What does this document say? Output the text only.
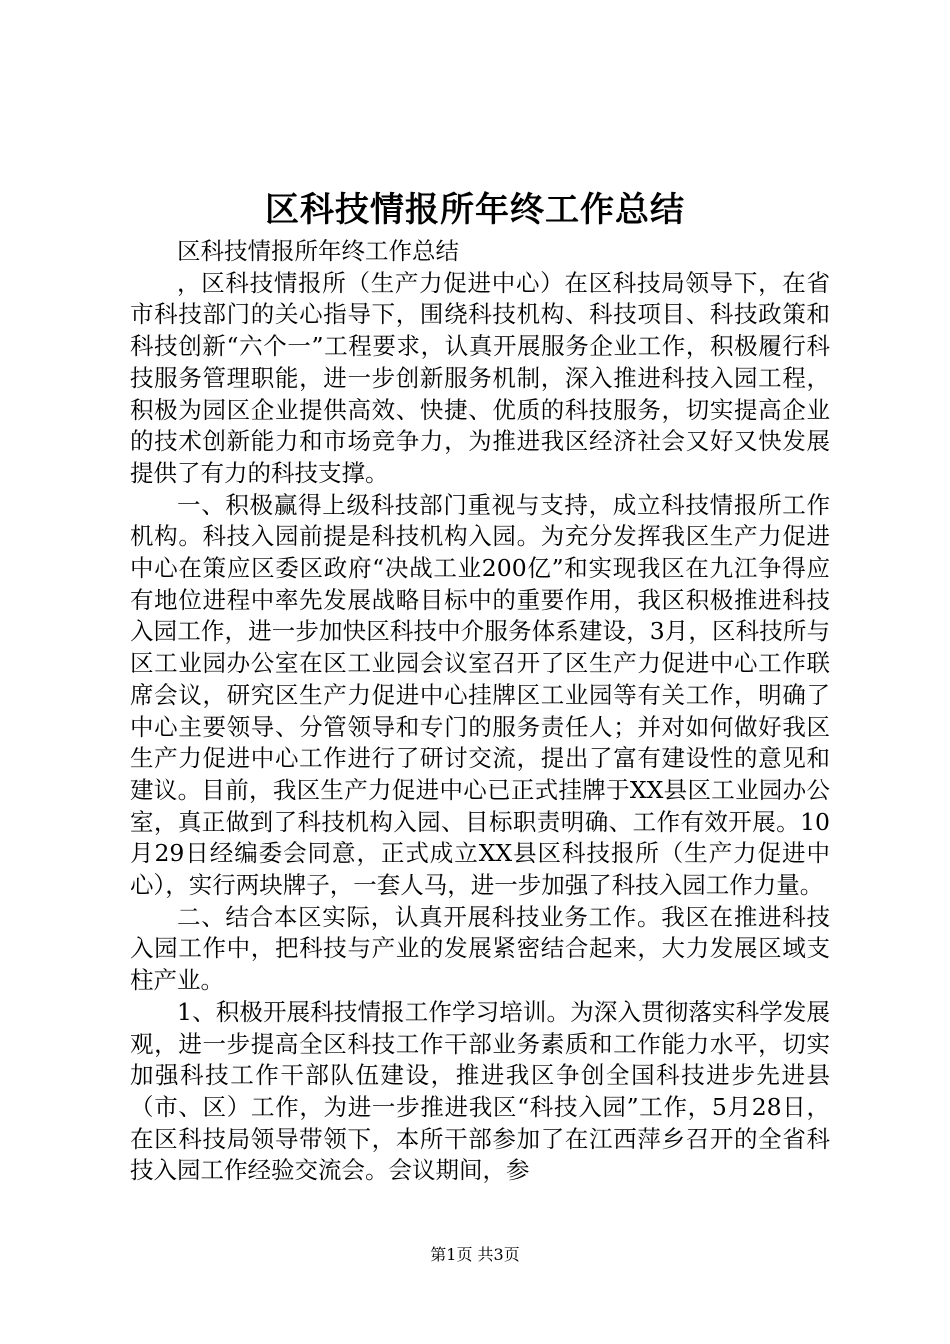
区科技情报所年终工作总结

区科技情报所年终工作总结

，区科技情报所（生产力促进中心）在区科技局领导下，在省市科技部门的关心指导下，围绕科技机构、科技项目、科技政策和科技创新“六个一”工程要求，认真开展服务企业工作，积极履行科技服务管理职能，进一步创新服务机制，深入推进科技入园工程，积极为园区企业提供高效、快捷、优质的科技服务，切实提高企业的技术创新能力和市场竞争力，为推进我区经济社会又好又快发展提供了有力的科技支撑。

一、积极赢得上级科技部门重视与支持，成立科技情报所工作机构。科技入园前提是科技机构入园。为充分发挥我区生产力促进中心在策应区委区政府“决战工业200亿”和实现我区在九江争得应有地位进程中率先发展战略目标中的重要作用，我区积极推进科技入园工作，进一步加快区科技中介服务体系建设，3月，区科技所与区工业园办公室在区工业园会议室召开了区生产力促进中心工作联席会议，研究区生产力促进中心挂牌区工业园等有关工作，明确了中心主要领导、分管领导和专门的服务责任人；并对如何做好我区生产力促进中心工作进行了研讨交流，提出了富有建设性的意见和建议。目前，我区生产力促进中心已正式挂牌于XX县区工业园办公室，真正做到了科技机构入园、目标职责明确、工作有效开展。10月29日经编委会同意，正式成立XX县区科技报所（生产力促进中心），实行两块牌子，一套人马，进一步加强了科技入园工作力量。

二、结合本区实际，认真开展科技业务工作。我区在推进科技入园工作中，把科技与产业的发展紧密结合起来，大力发展区域支柱产业。

1、积极开展科技情报工作学习培训。为深入贯彻落实科学发展观，进一步提高全区科技工作干部业务素质和工作能力水平，切实加强科技工作干部队伍建设，推进我区争创全国科技进步先进县（市、区）工作，为进一步推进我区“科技入园”工作，5月28日，在区科技局领导带领下，本所干部参加了在江西萍乡召开的全省科技入园工作经验交流会。会议期间，参

第1页 共3页
